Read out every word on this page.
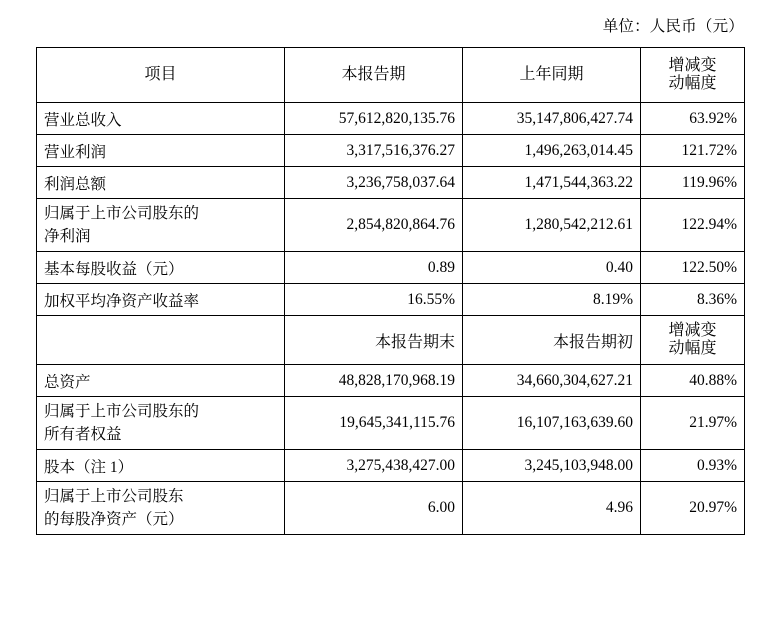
单位：人民币（元）
项目	本报告期	上年同期	增减变
动幅度
营业总收入	57,612,820,135.76	35,147,806,427.74	63.92%
营业利润	3,317,516,376.27	1,496,263,014.45	121.72%
利润总额	3,236,758,037.64	1,471,544,363.22	119.96%
归属于上市公司股东的
净利润	2,854,820,864.76	1,280,542,212.61	122.94%
基本每股收益（元）	0.89	0.40	122.50%
加权平均净资产收益率	16.55%	8.19%	8.36%
	本报告期末	本报告期初	增减变
动幅度
总资产	48,828,170,968.19	34,660,304,627.21	40.88%
归属于上市公司股东的
所有者权益	19,645,341,115.76	16,107,163,639.60	21.97%
股本（注 1）	3,275,438,427.00	3,245,103,948.00	0.93%
归属于上市公司股东
的每股净资产（元）	6.00	4.96	20.97%
